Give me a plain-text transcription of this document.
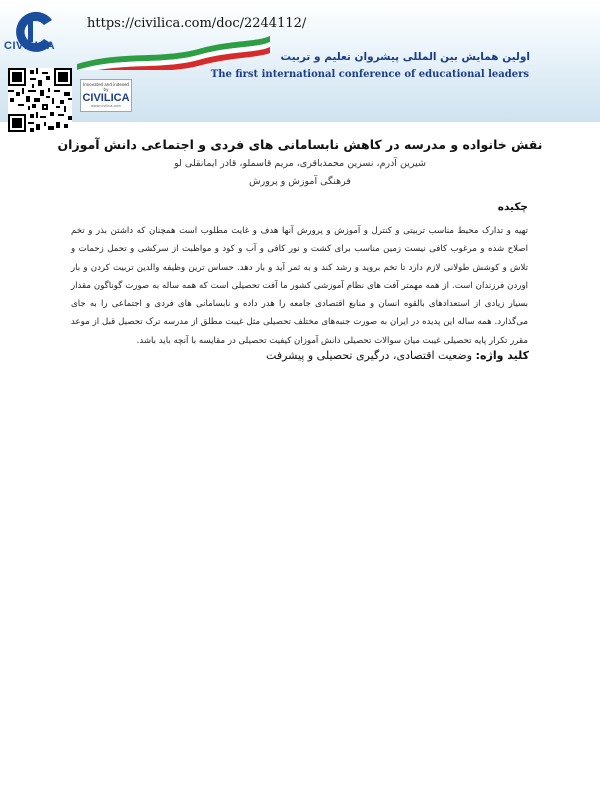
CIVILICA
https://civilica.com/doc/2244112/
اولین همایش بین المللی پیشروان تعلیم و تربیت
The first international conference of educational leaders
Innovated and indexed by
CIVILICA
www.civilica.com
نقش خانواده و مدرسه در کاهش نابسامانی های فردی و اجتماعی دانش آموزان
شیرین آدرم، نسرین محمدباقری، مریم قاسملو، قادر ایمانقلی لو
فرهنگی آموزش و پرورش
چکیده
تهیه و تدارک محیط مناسب تربیتی و کنترل و آموزش و پرورش آنها هدف و غایت مطلوب است همچنان که داشتن بذر و تخم اصلاح شده و مرغوب کافی نیست زمین مناسب برای کشت و نور کافی و آب و کود و مواظبت از سرکشی و تحمل زحمات و تلاش و کوشش طولانی لازم دارد تا تخم بروید و رشد کند و به ثمر آید و بار دهد. حساس ترین وظیفه والدین تربیت کردن و بار اوردن فرزندان است. از همه مهمتر آفت های نظام آموزشی کشور ما آفت تحصیلی است که همه ساله به صورت گوناگون مقدار بسیار زیادی از استعدادهای بالقوه انسان و منابع اقتصادی جامعه را هدر داده و نابسامانی های فردی و اجتماعی را به جای می‌گذارد. همه ساله این پدیده در ایران به صورت جنبه‌های مختلف تحصیلی مثل غیبت مطلق از مدرسه ترک تحصیل قبل از موعد مقرر تکرار پایه تحصیلی غیبت میان سوالات تحصیلی دانش آموزان کیفیت تحصیلی در مقایسه با آنچه باید باشد.
کلید واژه: وضعیت اقتصادی، درگیری تحصیلی و پیشرفت
